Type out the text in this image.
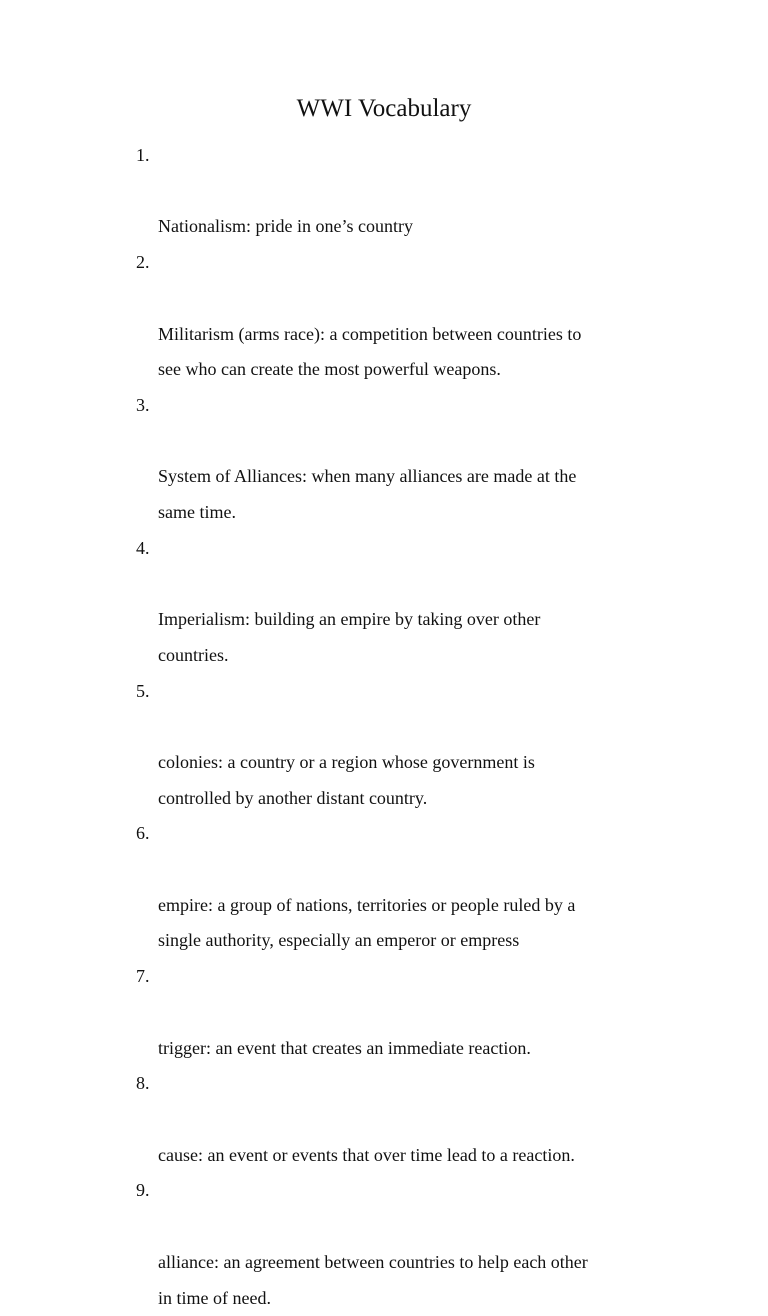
WWI Vocabulary

1.

Nationalism: pride in one’s country

2.

Militarism (arms race): a competition between countries to
see who can create the most powerful weapons.

3.

System of Alliances: when many alliances are made at the
same time.

4.

Imperialism: building an empire by taking over other
countries.

5.

colonies: a country or a region whose government is
controlled by another distant country.

6.

empire: a group of nations, territories or people ruled by a
single authority, especially an emperor or empress

7.

trigger: an event that creates an immediate reaction.

8.

cause: an event or events that over time lead to a reaction.

9.

alliance: an agreement between countries to help each other
in time of need.
